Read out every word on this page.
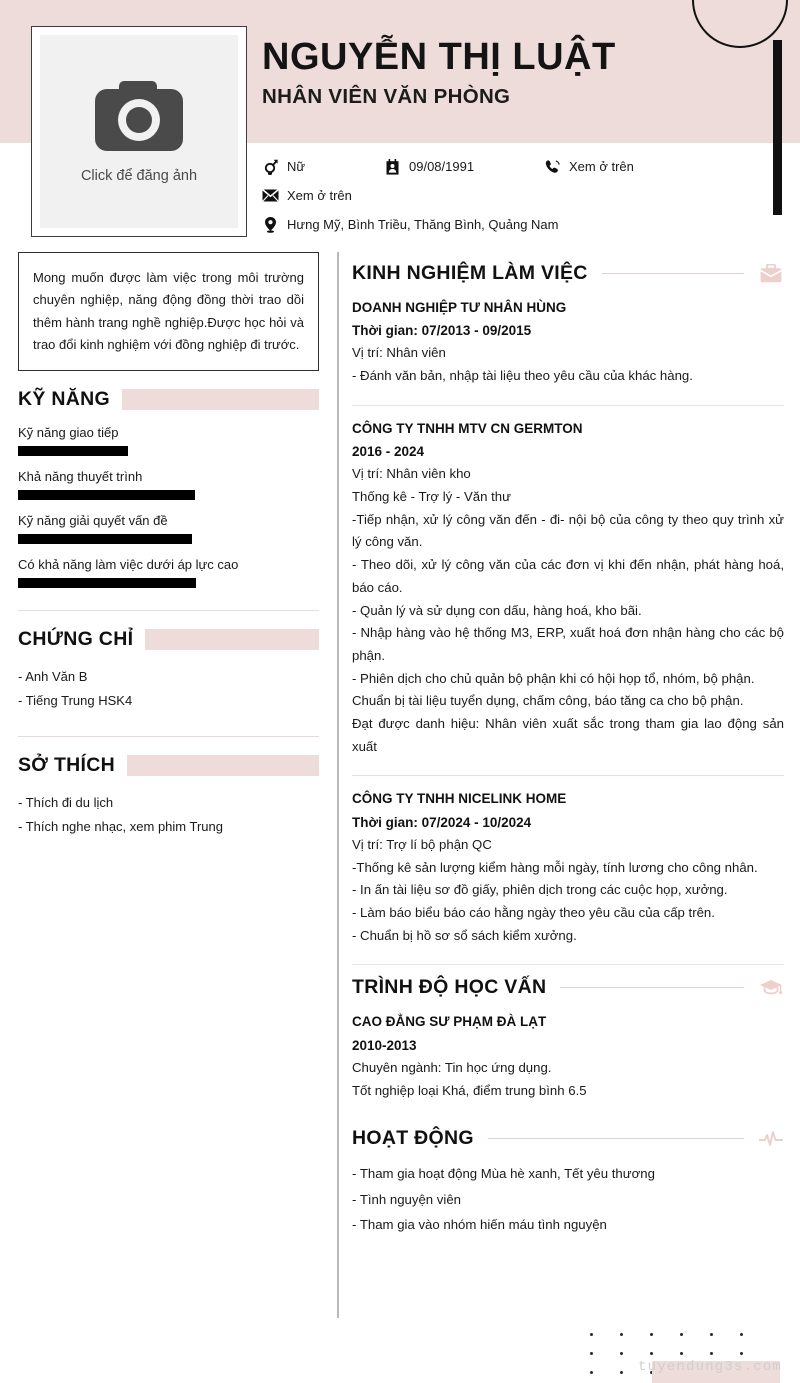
NGUYỄN THỊ LUẬT
NHÂN VIÊN VĂN PHÒNG
Click để đăng ảnh
Nữ	09/08/1991	Xem ở trên
Xem ở trên
Hưng Mỹ, Bình Triều, Thăng Bình, Quảng Nam
Mong muốn được làm việc trong môi trường chuyên nghiệp, năng động đồng thời trao dồi thêm hành trang nghề nghiệp.Được học hỏi và trao đổi kinh nghiệm với đồng nghiệp đi trước.
KỸ NĂNG
Kỹ năng giao tiếp
Khả năng thuyết trình
Kỹ năng giải quyết vấn đề
Có khả năng làm việc dưới áp lực cao
CHỨNG CHỈ
- Anh Văn B
- Tiếng Trung HSK4
SỞ THÍCH
- Thích đi du lịch
- Thích nghe nhạc, xem phim Trung
KINH NGHIỆM LÀM VIỆC
DOANH NGHIỆP TƯ NHÂN HÙNG
Thời gian: 07/2013 - 09/2015
Vị trí: Nhân viên
- Đánh văn bản, nhập tài liệu theo yêu cầu của khác hàng.
CÔNG TY TNHH MTV CN GERMTON
2016 - 2024
Vị trí: Nhân viên kho
Thống kê - Trợ lý - Văn thư
-Tiếp nhận, xử lý công văn đến - đi- nội bộ của công ty theo quy trình xử lý công văn.
- Theo dõi, xử lý công văn của các đơn vị khi đến nhận, phát hàng hoá, báo cáo.
- Quản lý và sử dụng con dấu, hàng hoá, kho bãi.
- Nhập hàng vào hệ thống M3, ERP, xuất hoá đơn nhận hàng cho các bộ phận.
- Phiên dịch cho chủ quản bộ phận khi có hội họp tổ, nhóm, bộ phận.
Chuẩn bị tài liệu tuyển dụng, chấm công, báo tăng ca cho bộ phận.
Đạt được danh hiệu: Nhân viên xuất sắc trong tham gia lao động sản xuất
CÔNG TY TNHH NICELINK HOME
Thời gian: 07/2024 - 10/2024
Vị trí: Trợ lí bộ phận QC
-Thống kê sản lượng kiểm hàng mỗi ngày, tính lương cho công nhân.
- In ấn tài liệu sơ đồ giấy, phiên dịch trong các cuộc họp, xưởng.
- Làm báo biểu báo cáo hằng ngày theo yêu cầu của cấp trên.
- Chuẩn bị hồ sơ sổ sách kiểm xưởng.
TRÌNH ĐỘ HỌC VẤN
CAO ĐẲNG SƯ PHẠM ĐÀ LẠT
2010-2013
Chuyên ngành: Tin học ứng dụng.
Tốt nghiệp loại Khá, điểm trung bình 6.5
HOẠT ĐỘNG
- Tham gia hoạt động Mùa hè xanh, Tết yêu thương
- Tình nguyện viên
- Tham gia vào nhóm hiến máu tình nguyện
tuyendung3s.com
